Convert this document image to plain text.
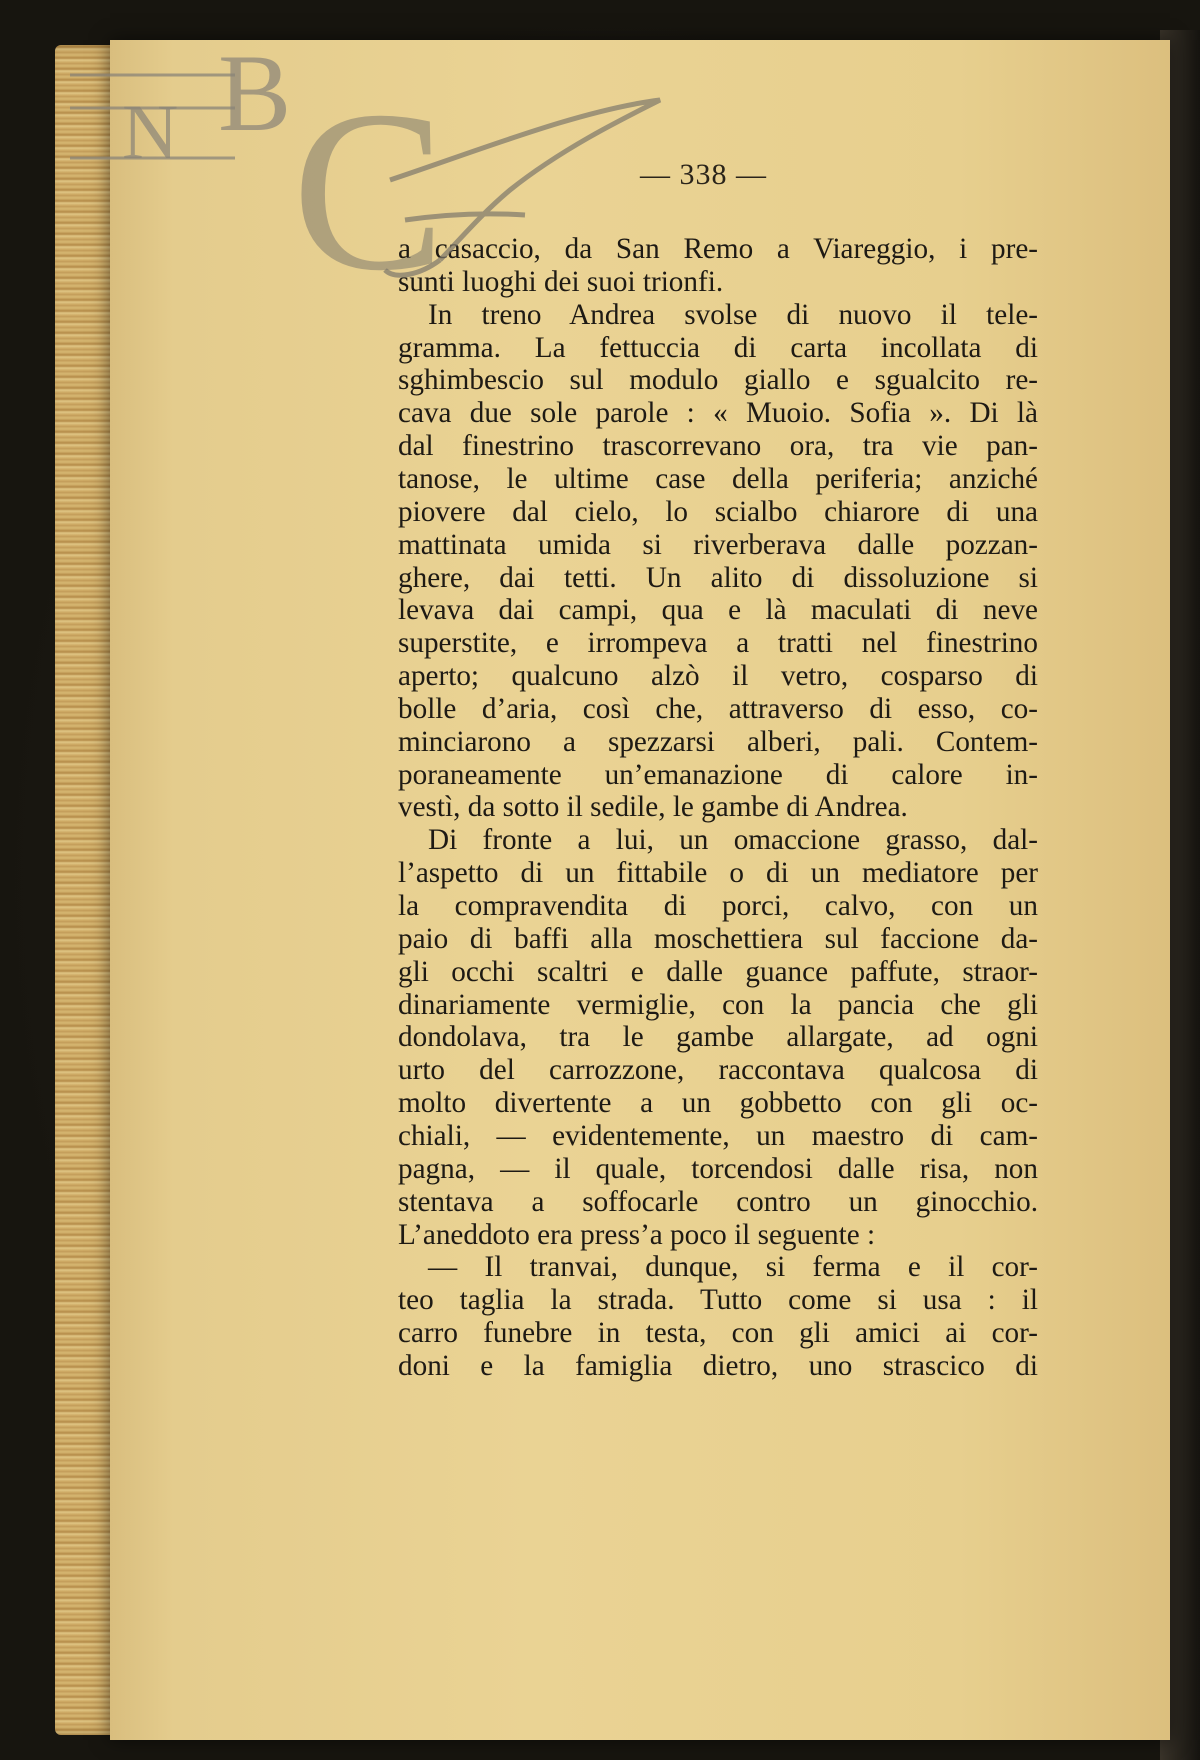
— 338 —
a casaccio, da San Remo a Viareggio, i pre-
sunti luoghi dei suoi trionfi.
In treno Andrea svolse di nuovo il tele-
gramma. La fettuccia di carta incollata di
sghimbescio sul modulo giallo e sgualcito re-
cava due sole parole : « Muoio. Sofia ». Di là
dal finestrino trascorrevano ora, tra vie pan-
tanose, le ultime case della periferia; anziché
piovere dal cielo, lo scialbo chiarore di una
mattinata umida si riverberava dalle pozzan-
ghere, dai tetti. Un alito di dissoluzione si
levava dai campi, qua e là maculati di neve
superstite, e irrompeva a tratti nel finestrino
aperto; qualcuno alzò il vetro, cosparso di
bolle d’aria, così che, attraverso di esso, co-
minciarono a spezzarsi alberi, pali. Contem-
poraneamente un’emanazione di calore in-
vestì, da sotto il sedile, le gambe di Andrea.
Di fronte a lui, un omaccione grasso, dal-
l’aspetto di un fittabile o di un mediatore per
la compravendita di porci, calvo, con un
paio di baffi alla moschettiera sul faccione da-
gli occhi scaltri e dalle guance paffute, straor-
dinariamente vermiglie, con la pancia che gli
dondolava, tra le gambe allargate, ad ogni
urto del carrozzone, raccontava qualcosa di
molto divertente a un gobbetto con gli oc-
chiali, — evidentemente, un maestro di cam-
pagna, — il quale, torcendosi dalle risa, non
stentava a soffocarle contro un ginocchio.
L’aneddoto era press’a poco il seguente :
— Il tranvai, dunque, si ferma e il cor-
teo taglia la strada. Tutto come si usa : il
carro funebre in testa, con gli amici ai cor-
doni e la famiglia dietro, uno strascico di
N B C
